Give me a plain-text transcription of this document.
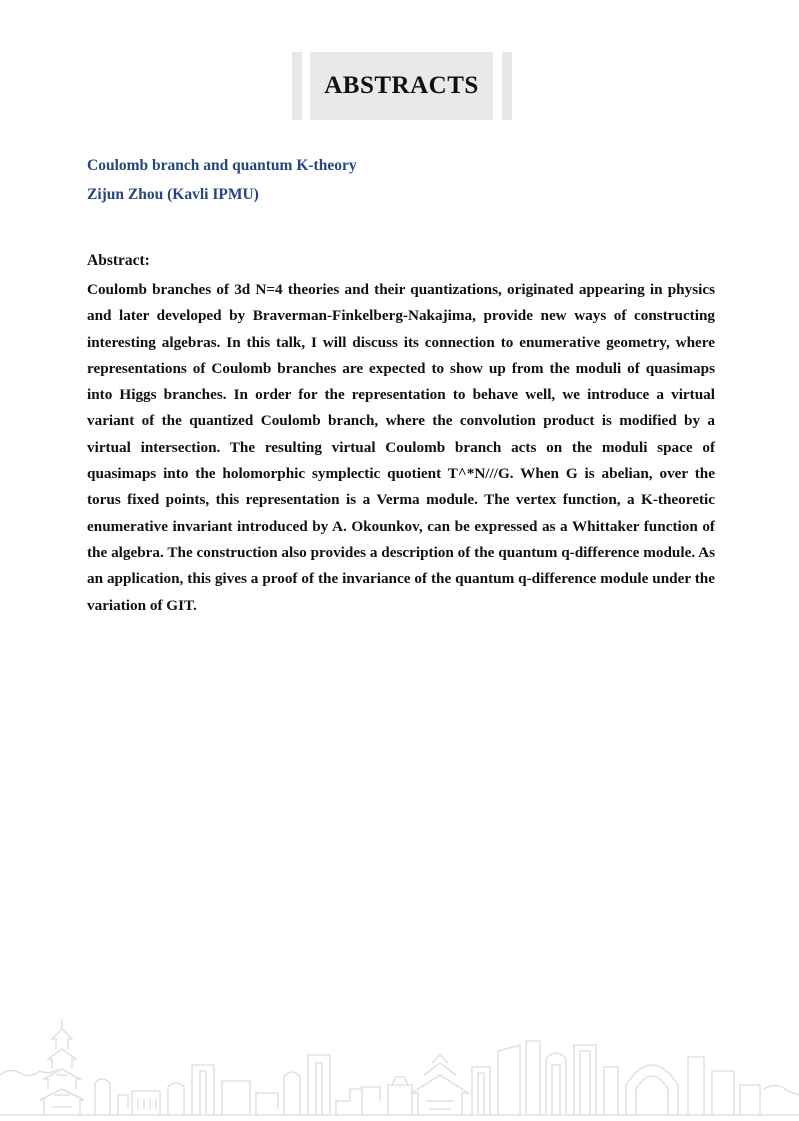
ABSTRACTS
Coulomb branch and quantum K-theory
Zijun Zhou (Kavli IPMU)
Abstract:

Coulomb branches of 3d N=4 theories and their quantizations, originated appearing in physics and later developed by Braverman-Finkelberg-Nakajima, provide new ways of constructing interesting algebras. In this talk, I will discuss its connection to enumerative geometry, where representations of Coulomb branches are expected to show up from the moduli of quasimaps into Higgs branches. In order for the representation to behave well, we introduce a virtual variant of the quantized Coulomb branch, where the convolution product is modified by a virtual intersection. The resulting virtual Coulomb branch acts on the moduli space of quasimaps into the holomorphic symplectic quotient T^*N///G. When G is abelian, over the torus fixed points, this representation is a Verma module. The vertex function, a K-theoretic enumerative invariant introduced by A. Okounkov, can be expressed as a Whittaker function of the algebra. The construction also provides a description of the quantum q-difference module. As an application, this gives a proof of the invariance of the quantum q-difference module under the variation of GIT.
